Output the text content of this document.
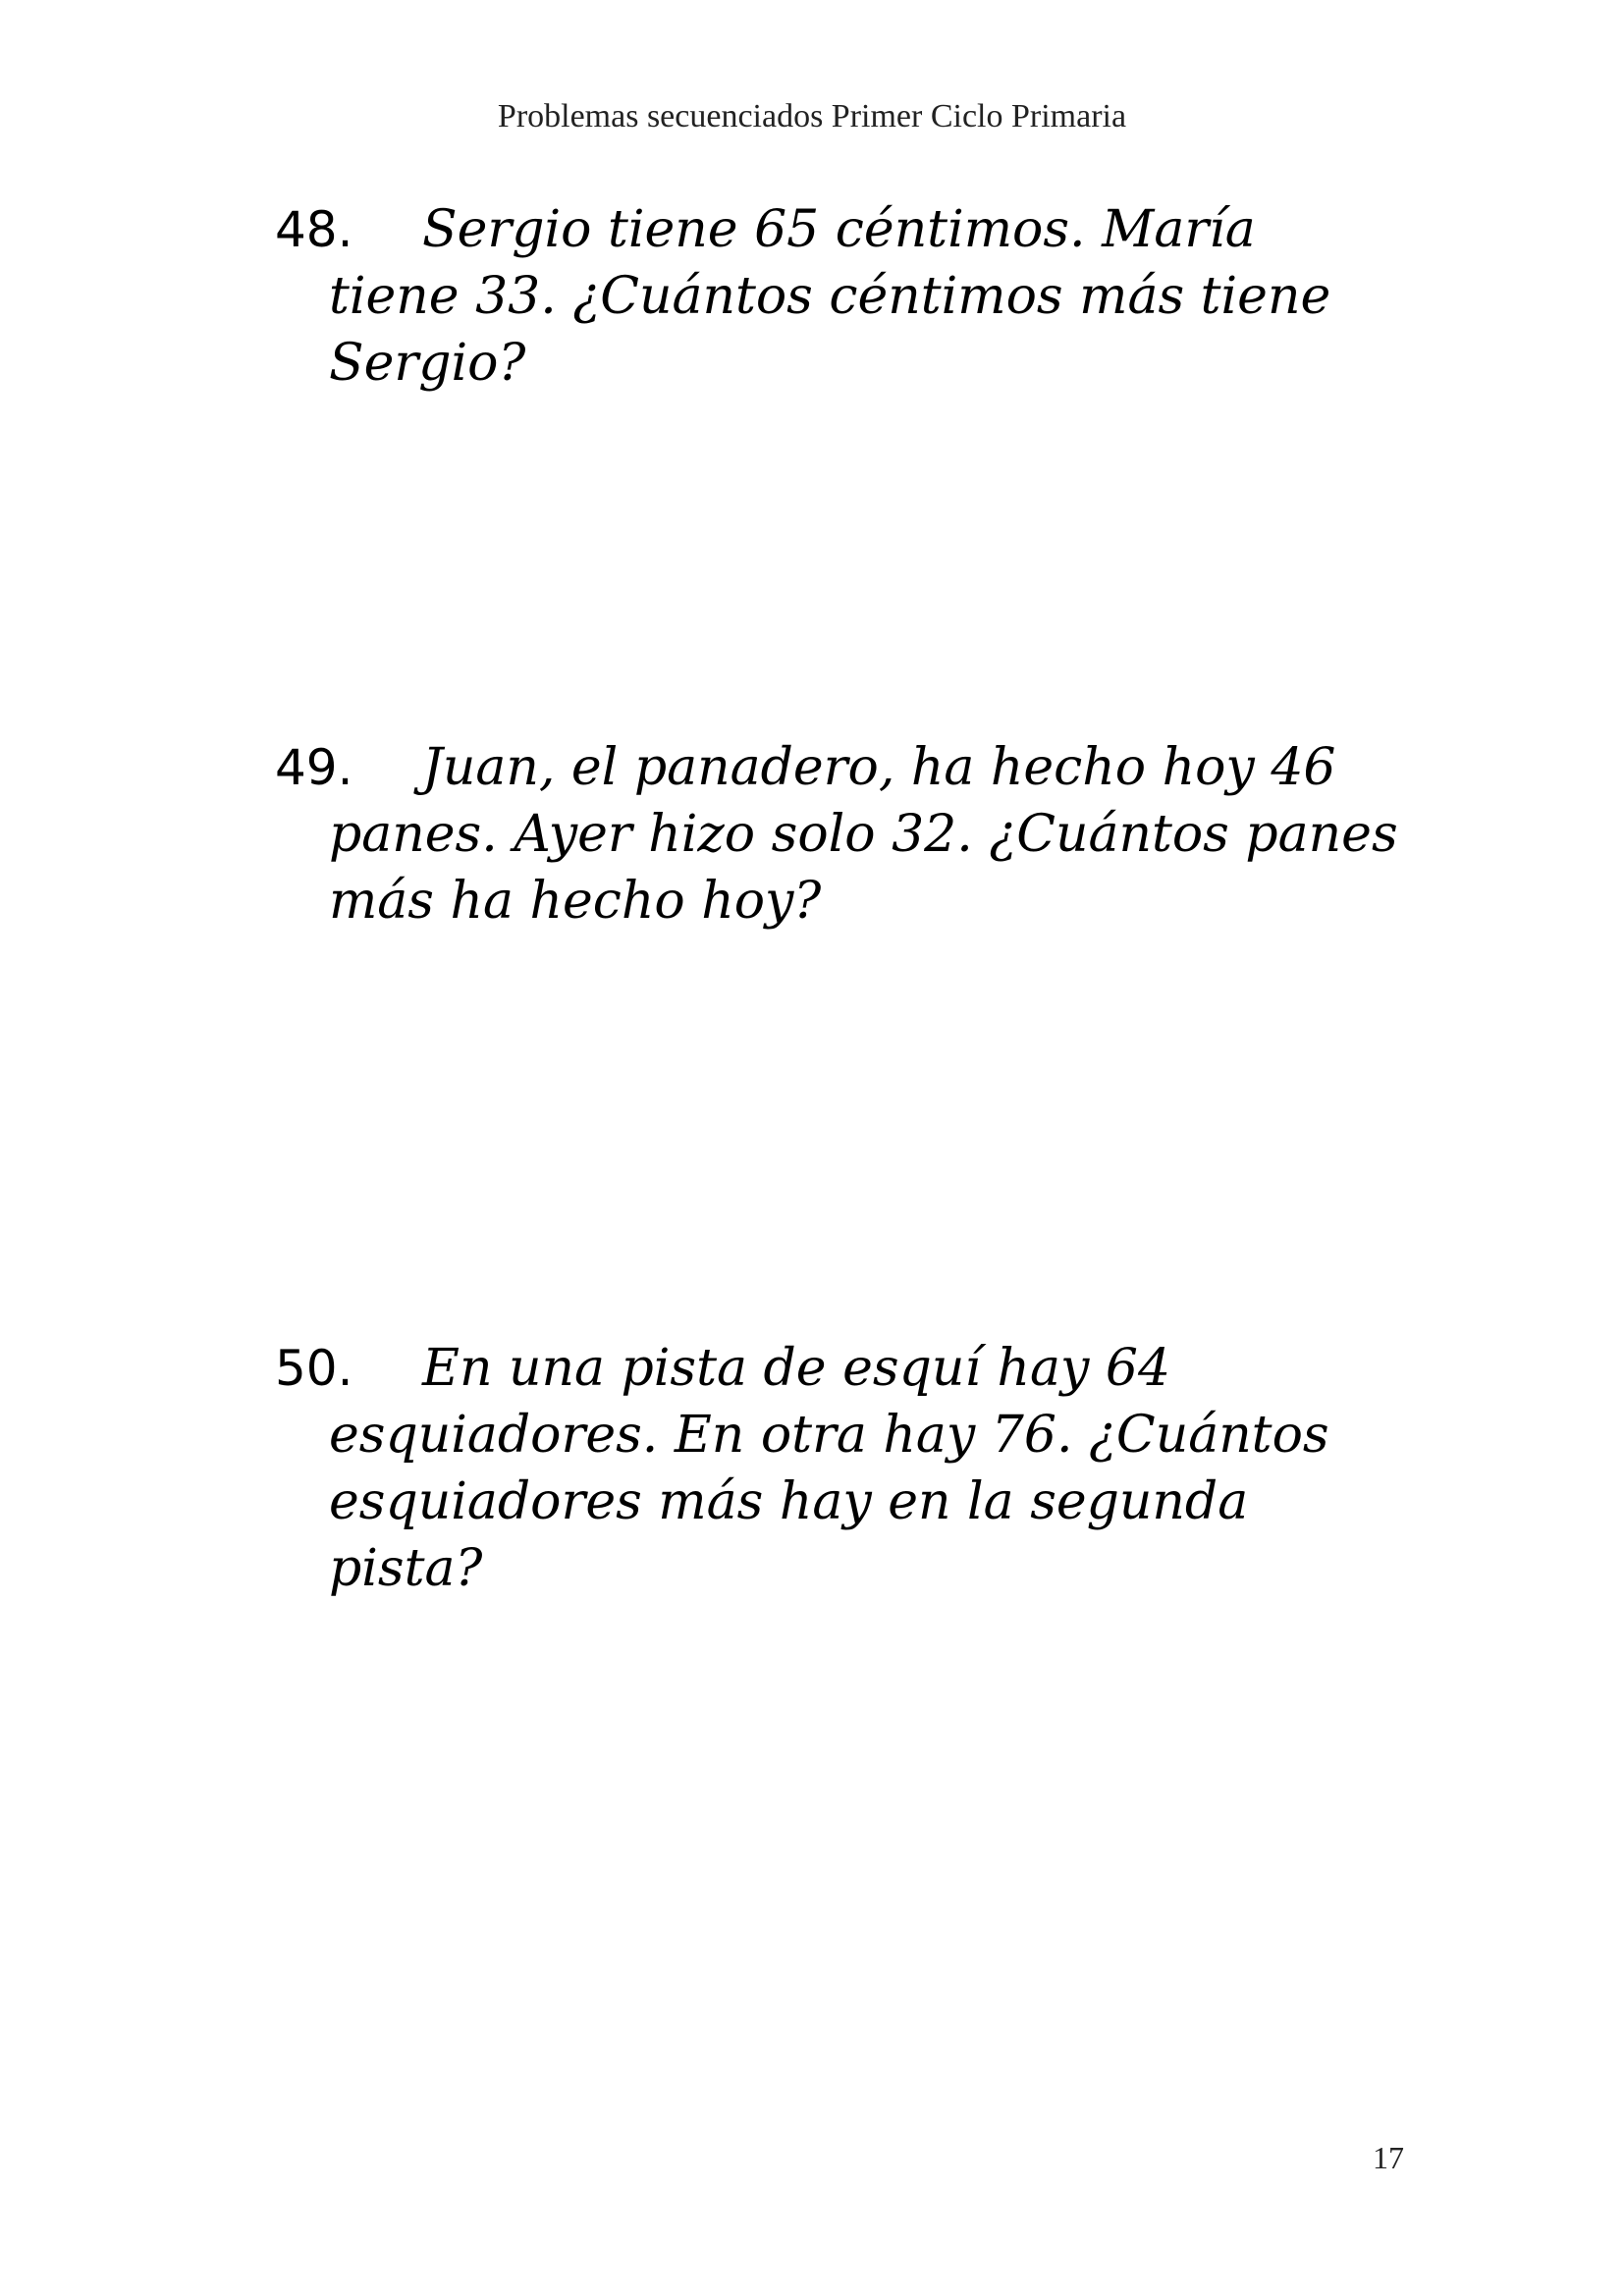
Problemas secuenciados Primer Ciclo Primaria
48. Sergio tiene 65 céntimos. María
tiene 33. ¿Cuántos céntimos más tiene
Sergio?
49. Juan, el panadero, ha hecho hoy 46
panes. Ayer hizo solo 32. ¿Cuántos panes
más ha hecho hoy?
50. En una pista de esquí hay 64
esquiadores. En otra hay 76. ¿Cuántos
esquiadores más hay en la segunda
pista?
17
